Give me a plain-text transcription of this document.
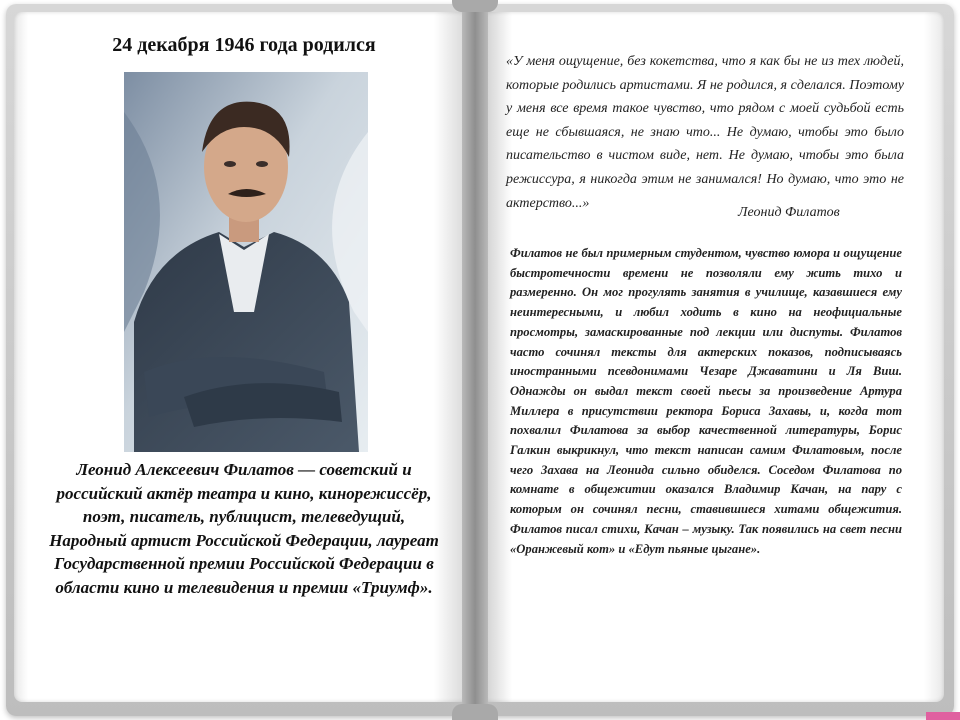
24 декабря 1946 года родился
Леонид Алексеевич Филатов — советский и российский актёр театра и кино, кинорежиссёр, поэт, писатель, публицист, телеведущий, Народный артист Российской Федерации, лауреат Государственной премии Российской Федерации в области кино и телевидения и премии «Триумф».
«У меня ощущение, без кокетства, что я как бы не из тех людей, которые родились артистами. Я не родился, я сделался. Поэтому у меня все время такое чувство, что рядом с моей судьбой есть еще не сбывшаяся, не знаю что... Не думаю, чтобы это было писательство в чистом виде, нет. Не думаю, чтобы это была режиссура, я никогда этим не занимался! Но думаю, что это не актерство...»
Леонид Филатов
Филатов не был примерным студентом, чувство юмора и ощущение быстротечности времени не позволяли ему жить тихо и размеренно. Он мог прогулять занятия в училище, казавшиеся ему неинтересными, и любил ходить в кино на неофициальные просмотры, замаскированные под лекции или диспуты. Филатов часто сочинял тексты для актерских показов, подписываясь иностранными псевдонимами Чезаре Джаватини и Ля Виш. Однажды он выдал текст своей пьесы за произведение Артура Миллера в присутствии ректора Бориса Захавы, и, когда тот похвалил Филатова за выбор качественной литературы, Борис Галкин выкрикнул, что текст написан самим Филатовым, после чего Захава на Леонида сильно обиделся. Соседом Филатова по комнате в общежитии оказался Владимир Качан, на пару с которым он сочинял песни, ставившиеся хитами общежития. Филатов писал стихи, Качан – музыку. Так появились на свет песни «Оранжевый кот» и «Едут пьяные цыгане».
